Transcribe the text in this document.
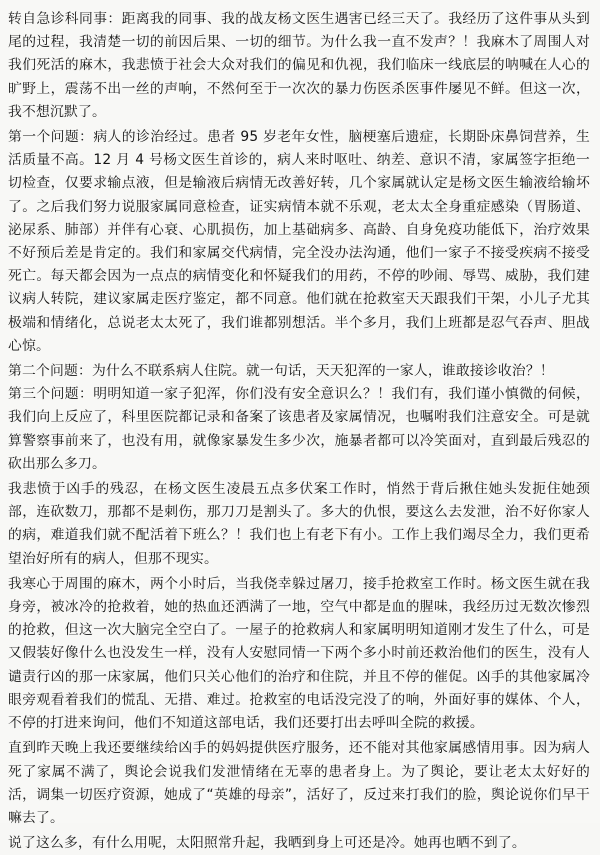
转自急诊科同事：距离我的同事、我的战友杨文医生遇害已经三天了。我经历了这件事从头到尾的过程，我清楚一切的前因后果、一切的细节。为什么我一直不发声？！我麻木了周围人对我们死活的麻木，我悲愤于社会大众对我们的偏见和仇视，我们临床一线底层的呐喊在人心的旷野上，震荡不出一丝的声响，不然何至于一次次的暴力伤医杀医事件屡见不鲜。但这一次，我不想沉默了。

第一个问题：病人的诊治经过。患者 95 岁老年女性，脑梗塞后遗症，长期卧床鼻饲营养，生活质量不高。12 月 4 号杨文医生首诊的，病人来时呕吐、纳差、意识不清，家属签字拒绝一切检查，仅要求输点液，但是输液后病情无改善好转，几个家属就认定是杨文医生输液给输坏了。之后我们努力说服家属同意检查，证实病情本就不乐观，老太太全身重症感染（胃肠道、泌尿系、肺部）并伴有心衰、心肌损伤，加上基础病多、高龄、自身免疫功能低下，治疗效果不好预后差是肯定的。我们和家属交代病情，完全没办法沟通，他们一家子不接受疾病不接受死亡。每天都会因为一点点的病情变化和怀疑我们的用药，不停的吵闹、辱骂、威胁，我们建议病人转院，建议家属走医疗鉴定，都不同意。他们就在抢救室天天跟我们干架，小儿子尤其极端和情绪化，总说老太太死了，我们谁都别想活。半个多月，我们上班都是忍气吞声、胆战心惊。

第二个问题：为什么不联系病人住院。就一句话，天天犯浑的一家人，谁敢接诊收治？！

第三个问题：明明知道一家子犯浑，你们没有安全意识么？！我们有，我们谨小慎微的伺候，我们向上反应了，科里医院都记录和备案了该患者及家属情况，也嘱咐我们注意安全。可是就算警察事前来了，也没有用，就像家暴发生多少次，施暴者都可以冷笑面对，直到最后残忍的砍出那么多刀。

我悲愤于凶手的残忍，在杨文医生凌晨五点多伏案工作时，悄然于背后揪住她头发扼住她颈部，连砍数刀，那都不是刺伤，那刀刀是割头了。多大的仇恨，要这么去发泄，治不好你家人的病，难道我们就不配活着下班么？！我们也上有老下有小。工作上我们竭尽全力，我们更希望治好所有的病人，但那不现实。

我寒心于周围的麻木，两个小时后，当我侥幸躲过屠刀，接手抢救室工作时。杨文医生就在我身旁，被冰冷的抢救着，她的热血还洒满了一地，空气中都是血的腥味，我经历过无数次惨烈的抢救，但这一次大脑完全空白了。一屋子的抢救病人和家属明明知道刚才发生了什么，可是又假装好像什么也没发生一样，没有人安慰同情一下两个多小时前还救治他们的医生，没有人谴责行凶的那一床家属，他们只关心他们的治疗和住院，并且不停的催促。凶手的其他家属冷眼旁观看着我们的慌乱、无措、难过。抢救室的电话没完没了的响，外面好事的媒体、个人，不停的打进来询问，他们不知道这部电话，我们还要打出去呼叫全院的救援。

直到昨天晚上我还要继续给凶手的妈妈提供医疗服务，还不能对其他家属感情用事。因为病人死了家属不满了，舆论会说我们发泄情绪在无辜的患者身上。为了舆论，要让老太太好好的活，调集一切医疗资源，她成了“英雄的母亲”，活好了，反过来打我们的脸，舆论说你们早干嘛去了。

说了这么多，有什么用呢，太阳照常升起，我晒到身上可还是冷。她再也晒不到了。
